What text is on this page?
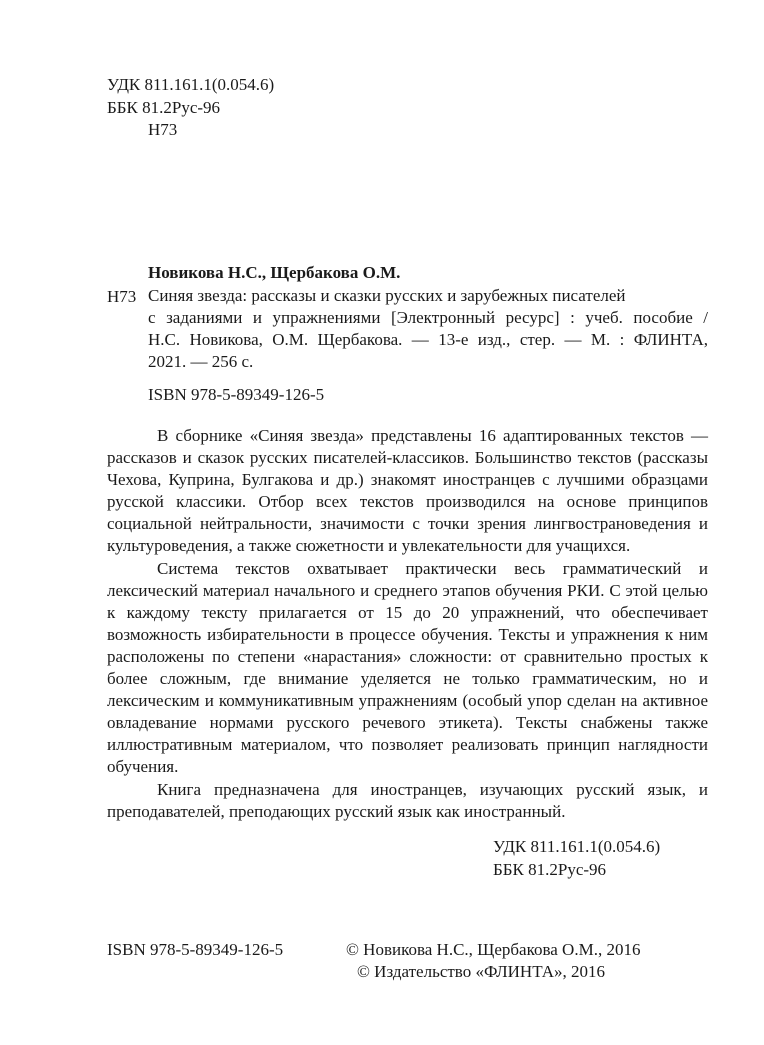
УДК 811.161.1(0.054.6)
ББК 81.2Рус-96
Н73
Новикова Н.С., Щербакова О.М.
Н73 Синяя звезда: рассказы и сказки русских и зарубежных писателей
с заданиями и упражнениями [Электронный ресурс] : учеб. пособие /
Н.С. Новикова, О.М. Щербакова. — 13-е изд., стер. — М. : ФЛИНТА,
2021. — 256 с.
ISBN 978-5-89349-126-5

В сборнике «Синяя звезда» представлены 16 адаптированных текстов — рассказов и сказок русских писателей-классиков. Большинство текстов (рассказы Чехова, Куприна, Булгакова и др.) знакомят иностранцев с лучшими образцами русской классики. Отбор всех текстов производился на основе принципов социальной нейтральности, значимости с точки зрения лингвострановедения и культуроведения, а также сюжетности и увлекательности для учащихся.

Система текстов охватывает практически весь грамматический и лексический материал начального и среднего этапов обучения РКИ. С этой целью к каждому тексту прилагается от 15 до 20 упражнений, что обеспечивает возможность избирательности в процессе обучения. Тексты и упражнения к ним расположены по степени «нарастания» сложности: от сравнительно простых к более сложным, где внимание уделяется не только грамматическим, но и лексическим и коммуникативным упражнениям (особый упор сделан на активное овладевание нормами русского речевого этикета). Тексты снабжены также иллюстративным материалом, что позволяет реализовать принцип наглядности обучения.

Книга предназначена для иностранцев, изучающих русский язык, и преподавателей, преподающих русский язык как иностранный.

УДК 811.161.1(0.054.6)
ББК 81.2Рус-96
ISBN 978-5-89349-126-5	© Новикова Н.С., Щербакова О.М., 2016
© Издательство «ФЛИНТА», 2016
